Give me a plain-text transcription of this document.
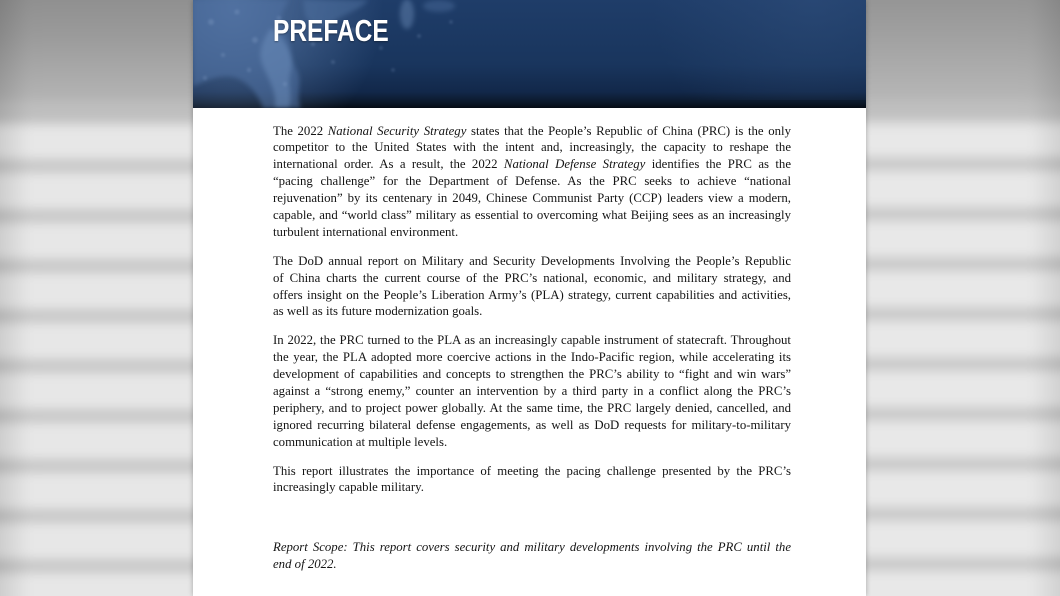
PREFACE
The 2022 National Security Strategy states that the People’s Republic of China (PRC) is the only
competitor to the United States with the intent and, increasingly, the capacity to reshape the
international order. As a result, the 2022 National Defense Strategy identifies the PRC as the
“pacing challenge” for the Department of Defense. As the PRC seeks to achieve “national
rejuvenation” by its centenary in 2049, Chinese Communist Party (CCP) leaders view a modern,
capable, and “world class” military as essential to overcoming what Beijing sees as an increasingly
turbulent international environment.
The DoD annual report on Military and Security Developments Involving the People’s Republic
of China charts the current course of the PRC’s national, economic, and military strategy, and
offers insight on the People’s Liberation Army’s (PLA) strategy, current capabilities and activities,
as well as its future modernization goals.
In 2022, the PRC turned to the PLA as an increasingly capable instrument of statecraft. Throughout
the year, the PLA adopted more coercive actions in the Indo-Pacific region, while accelerating its
development of capabilities and concepts to strengthen the PRC’s ability to “fight and win wars”
against a “strong enemy,” counter an intervention by a third party in a conflict along the PRC’s
periphery, and to project power globally. At the same time, the PRC largely denied, cancelled, and
ignored recurring bilateral defense engagements, as well as DoD requests for military-to-military
communication at multiple levels.
This report illustrates the importance of meeting the pacing challenge presented by the PRC’s
increasingly capable military.
Report Scope: This report covers security and military developments involving the PRC until the
end of 2022.
